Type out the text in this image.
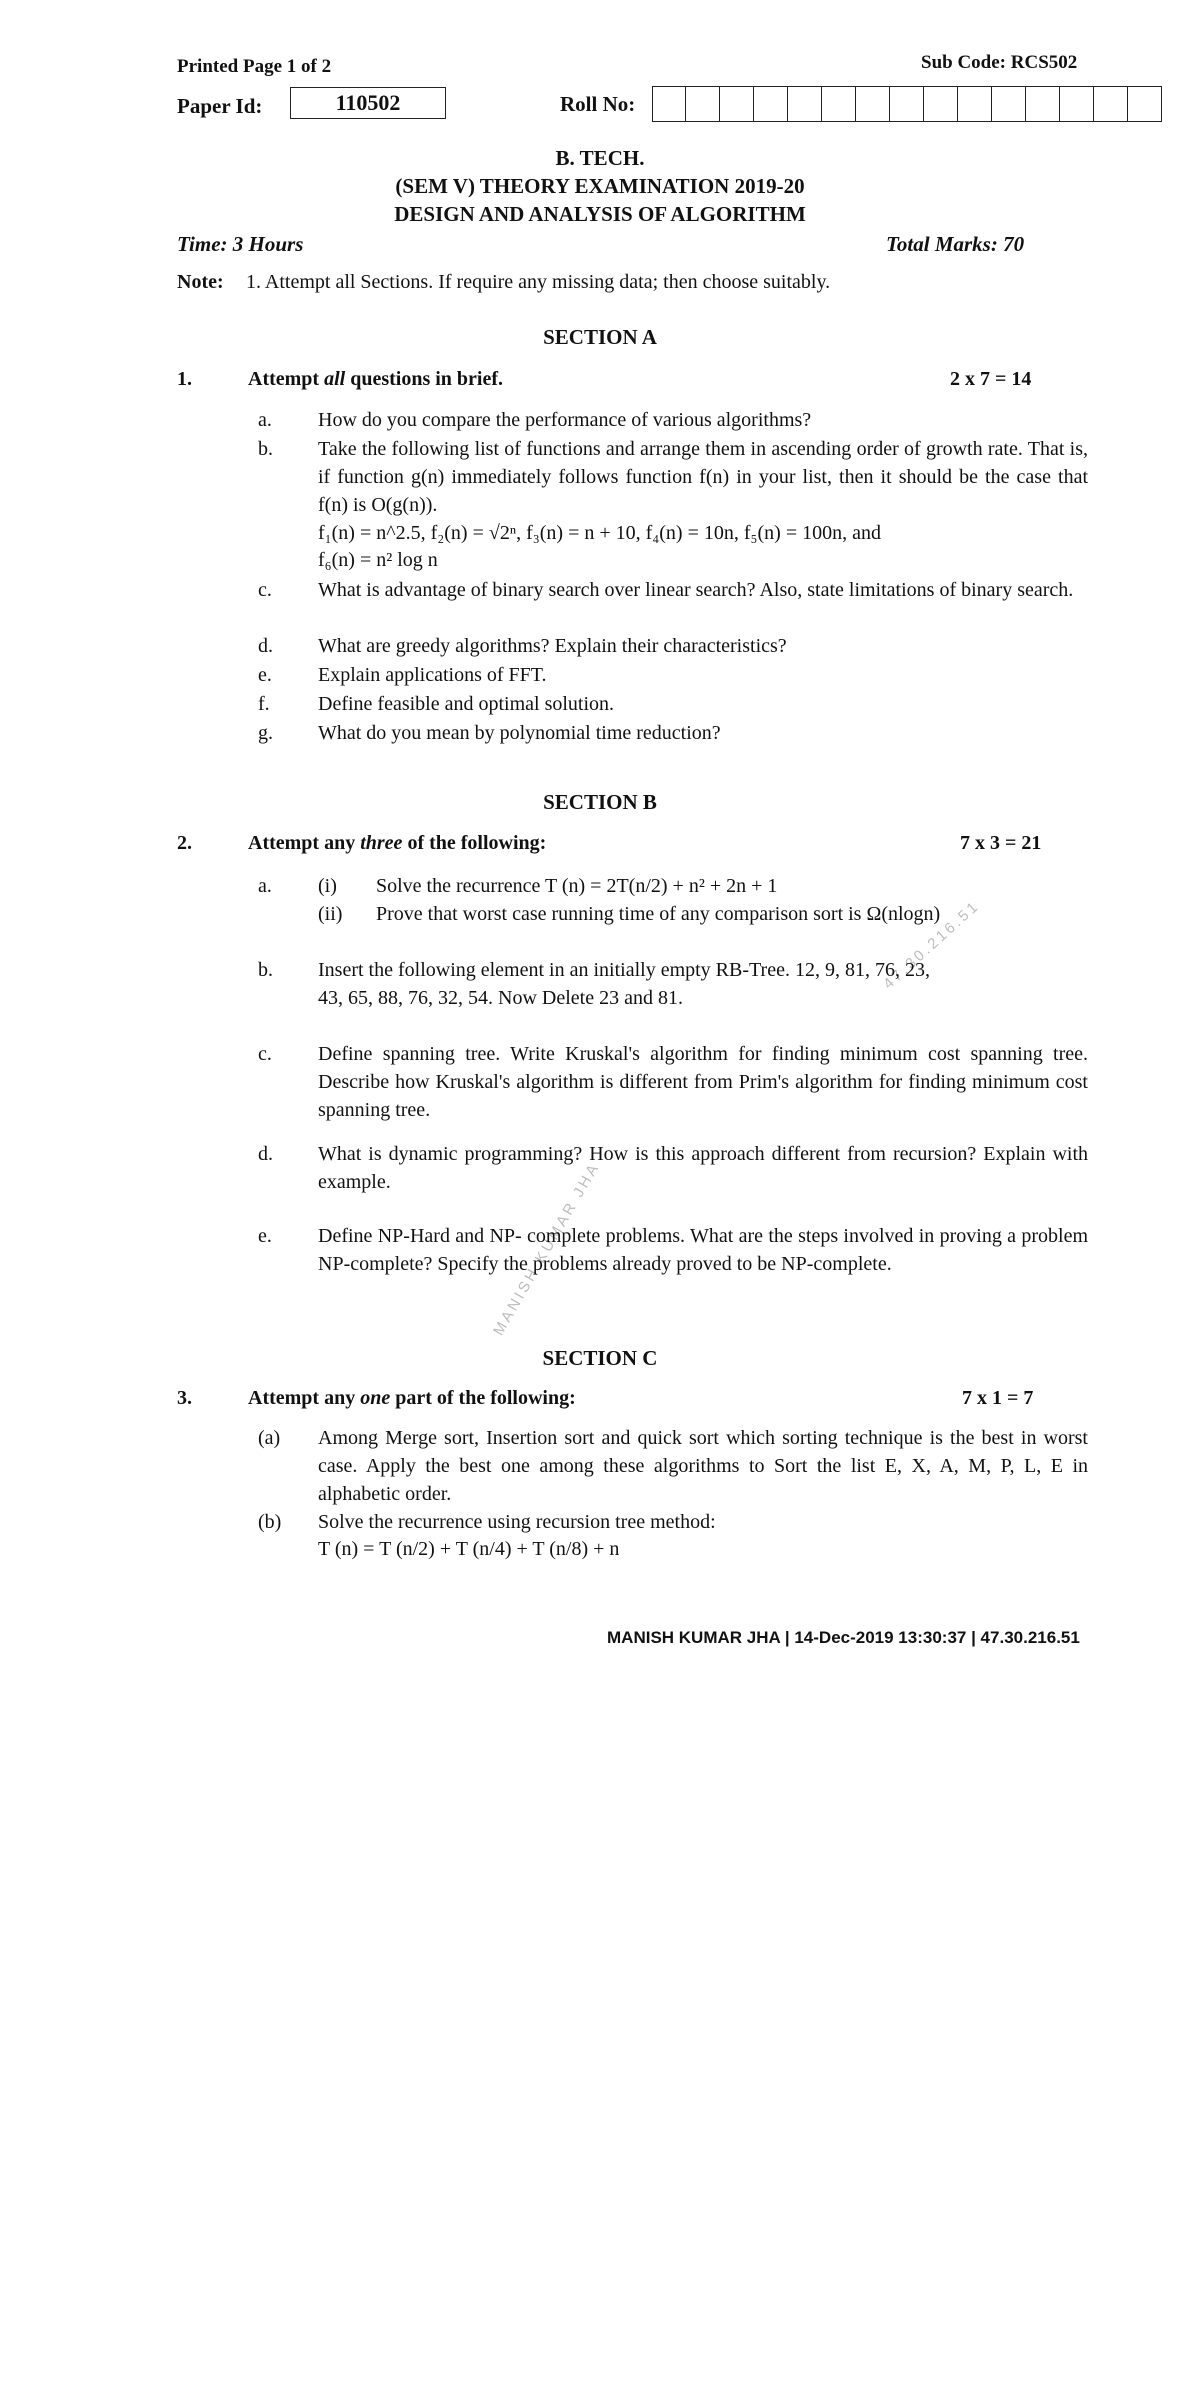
MANISH KUMAR JHA
47.30.216.51
Printed Page 1 of 2	Sub Code: RCS502
Paper Id:	110502	Roll No:
B. TECH.
(SEM V) THEORY EXAMINATION 2019-20
DESIGN AND ANALYSIS OF ALGORITHM
Time: 3 Hours	Total Marks: 70
Note: 1. Attempt all Sections. If require any missing data; then choose suitably.
SECTION A
1.	Attempt all questions in brief.	2 x 7 = 14
a. How do you compare the performance of various algorithms?
b. Take the following list of functions and arrange them in ascending order of growth rate. That is, if function g(n) immediately follows function f(n) in your list, then it should be the case that f(n) is O(g(n)).
f₁(n) = n^2.5, f₂(n) = √2ⁿ, f₃(n) = n + 10, f₄(n) = 10n, f₅(n) = 100n, and
f₆(n) = n² log n
c. What is advantage of binary search over linear search? Also, state limitations of binary search.
d. What are greedy algorithms? Explain their characteristics?
e. Explain applications of FFT.
f. Define feasible and optimal solution.
g. What do you mean by polynomial time reduction?
SECTION B
2.	Attempt any three of the following:	7 x 3 = 21
a. (i) Solve the recurrence T (n) = 2T(n/2) + n² + 2n + 1
(ii) Prove that worst case running time of any comparison sort is Ω(nlogn)
b. Insert the following element in an initially empty RB-Tree. 12, 9, 81, 76, 23, 43, 65, 88, 76, 32, 54. Now Delete 23 and 81.
c. Define spanning tree. Write Kruskal's algorithm for finding minimum cost spanning tree. Describe how Kruskal's algorithm is different from Prim's algorithm for finding minimum cost spanning tree.
d. What is dynamic programming? How is this approach different from recursion? Explain with example.
e. Define NP-Hard and NP- complete problems. What are the steps involved in proving a problem NP-complete? Specify the problems already proved to be NP-complete.
SECTION C
3.	Attempt any one part of the following:	7 x 1 = 7
(a) Among Merge sort, Insertion sort and quick sort which sorting technique is the best in worst case. Apply the best one among these algorithms to Sort the list E, X, A, M, P, L, E in alphabetic order.
(b) Solve the recurrence using recursion tree method:
T (n) = T (n/2) + T (n/4) + T (n/8) + n
MANISH KUMAR JHA | 14-Dec-2019 13:30:37 | 47.30.216.51
